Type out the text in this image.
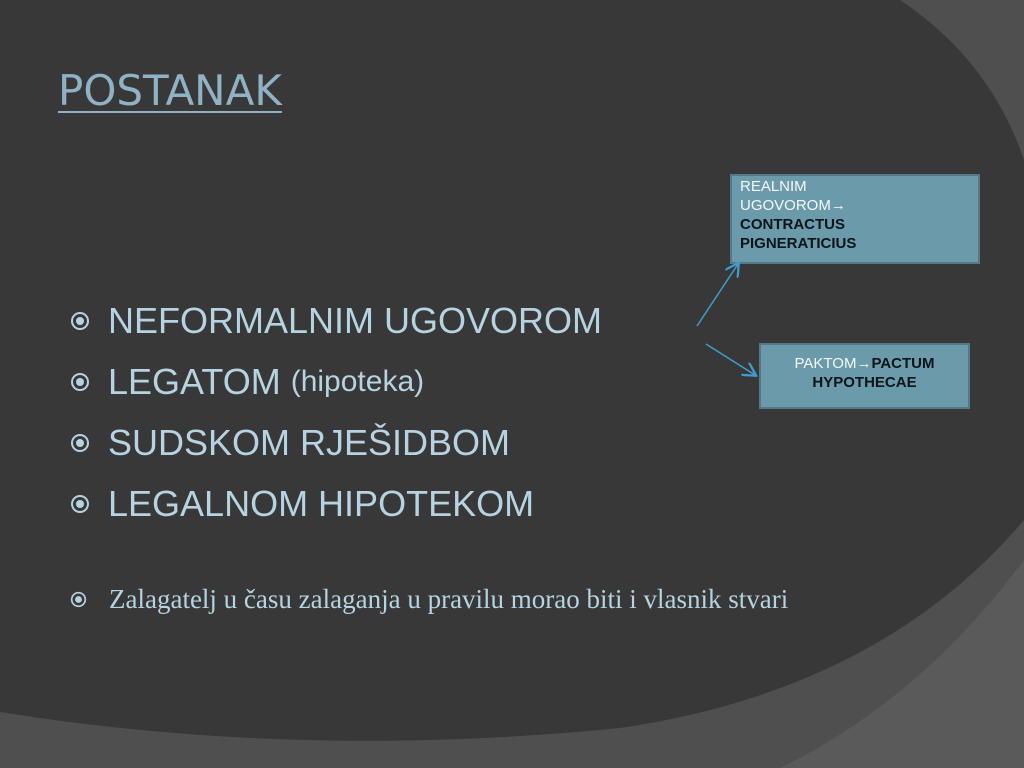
POSTANAK
NEFORMALNIM UGOVOROM
LEGATOM (hipoteka)
SUDSKOM RJEŠIDBOM
LEGALNOM HIPOTEKOM
Zalagatelj u času zalaganja u pravilu morao biti i vlasnik stvari
REALNIM
UGOVOROM→
CONTRACTUS
PIGNERATICIUS
PAKTOM→PACTUM
HYPOTHECAE
